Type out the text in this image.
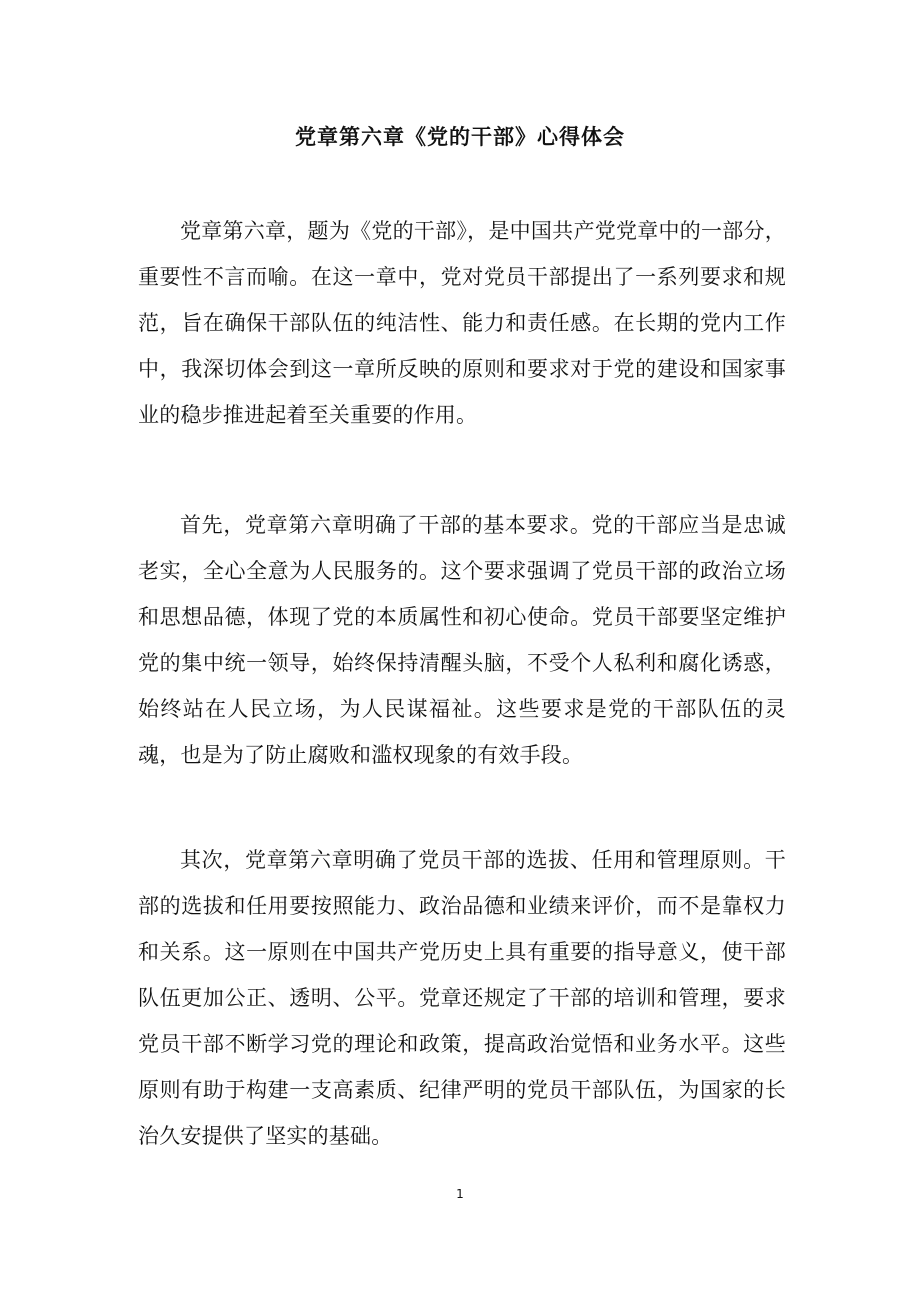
党章第六章《党的干部》心得体会

党章第六章，题为《党的干部》，是中国共产党党章中的一部分，重要性不言而喻。在这一章中，党对党员干部提出了一系列要求和规范，旨在确保干部队伍的纯洁性、能力和责任感。在长期的党内工作中，我深切体会到这一章所反映的原则和要求对于党的建设和国家事业的稳步推进起着至关重要的作用。

首先，党章第六章明确了干部的基本要求。党的干部应当是忠诚老实，全心全意为人民服务的。这个要求强调了党员干部的政治立场和思想品德，体现了党的本质属性和初心使命。党员干部要坚定维护党的集中统一领导，始终保持清醒头脑，不受个人私利和腐化诱惑，始终站在人民立场，为人民谋福祉。这些要求是党的干部队伍的灵魂，也是为了防止腐败和滥权现象的有效手段。

其次，党章第六章明确了党员干部的选拔、任用和管理原则。干部的选拔和任用要按照能力、政治品德和业绩来评价，而不是靠权力和关系。这一原则在中国共产党历史上具有重要的指导意义，使干部队伍更加公正、透明、公平。党章还规定了干部的培训和管理，要求党员干部不断学习党的理论和政策，提高政治觉悟和业务水平。这些原则有助于构建一支高素质、纪律严明的党员干部队伍，为国家的长治久安提供了坚实的基础。

1
